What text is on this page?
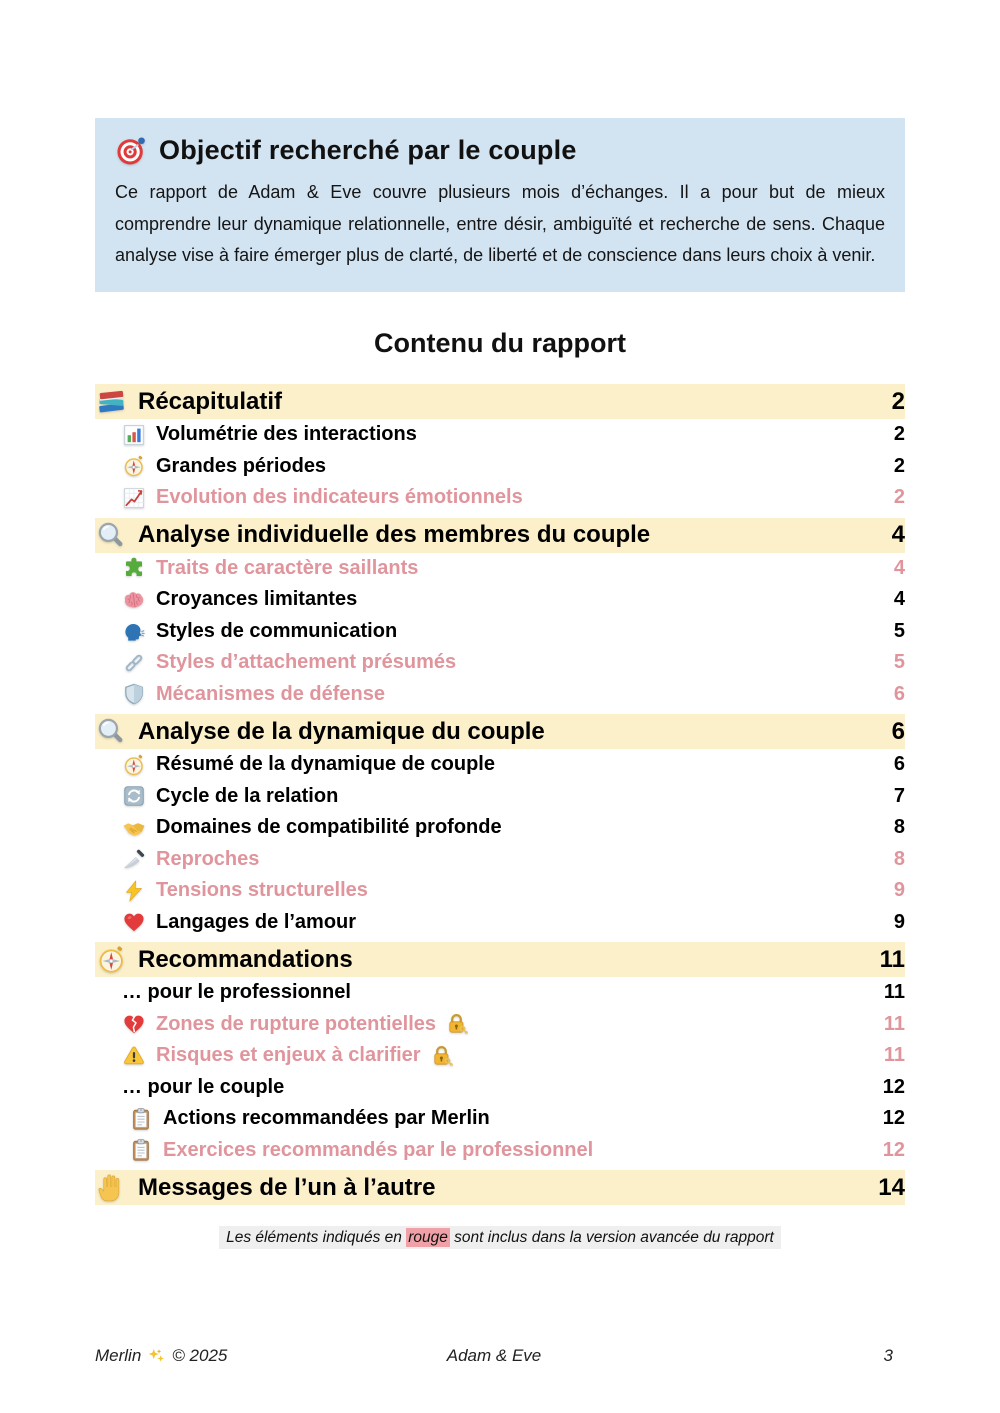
Objectif recherché par le couple

Ce rapport de Adam & Eve couvre plusieurs mois d’échanges. Il a pour but de mieux comprendre leur dynamique relationnelle, entre désir, ambiguïté et recherche de sens. Chaque analyse vise à faire émerger plus de clarté, de liberté et de conscience dans leurs choix à venir.

Contenu du rapport
Récapitulatif	2
Volumétrie des interactions	2
Grandes périodes	2
Evolution des indicateurs émotionnels	2
Analyse individuelle des membres du couple	4
Traits de caractère saillants	4
Croyances limitantes	4
Styles de communication	5
Styles d’attachement présumés	5
Mécanismes de défense	6
Analyse de la dynamique du couple	6
Résumé de la dynamique de couple	6
Cycle de la relation	7
Domaines de compatibilité profonde	8
Reproches	8
Tensions structurelles	9
Langages de l’amour	9
Recommandations	11
… pour le professionnel	11
Zones de rupture potentielles	11
Risques et enjeux à clarifier	11
… pour le couple	12
Actions recommandées par Merlin	12
Exercices recommandés par le professionnel	12
Messages de l’un à l’autre	14

Les éléments indiqués en rouge sont inclus dans la version avancée du rapport

Merlin © 2025	Adam & Eve	3
